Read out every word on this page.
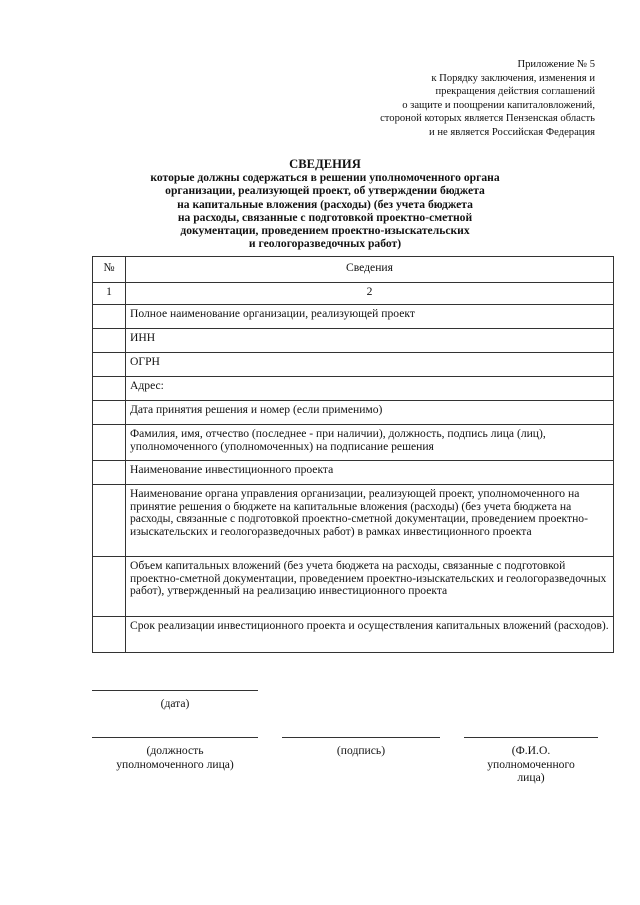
Приложение № 5
к Порядку заключения, изменения и
прекращения действия соглашений
о защите и поощрении капиталовложений,
стороной которых является Пензенская область
и не является Российская Федерация
СВЕДЕНИЯ
которые должны содержаться в решении уполномоченного органа
организации, реализующей проект, об утверждении бюджета
на капитальные вложения (расходы) (без учета бюджета
на расходы, связанные с подготовкой проектно-сметной
документации, проведением проектно-изыскательских
и геологоразведочных работ)
№	Сведения
1	2
	Полное наименование организации, реализующей проект
	ИНН
	ОГРН
	Адрес:
	Дата принятия решения и номер (если применимо)
	Фамилия, имя, отчество (последнее - при наличии), должность, подпись лица (лиц), уполномоченного (уполномоченных) на подписание решения
	Наименование инвестиционного проекта
	Наименование органа управления организации, реализующей проект, уполномоченного на принятие решения о бюджете на капитальные вложения (расходы) (без учета бюджета на расходы, связанные с подготовкой проектно-сметной документации, проведением проектно-изыскательских и геологоразведочных работ) в рамках инвестиционного проекта
	Объем капитальных вложений (без учета бюджета на расходы, связанные с подготовкой проектно-сметной документации, проведением проектно-изыскательских и геологоразведочных работ), утвержденный на реализацию инвестиционного проекта
	Срок реализации инвестиционного проекта и осуществления капитальных вложений (расходов).
(дата)
(должность
уполномоченного лица)
(подпись)	(Ф.И.О.
уполномоченного
лица)
